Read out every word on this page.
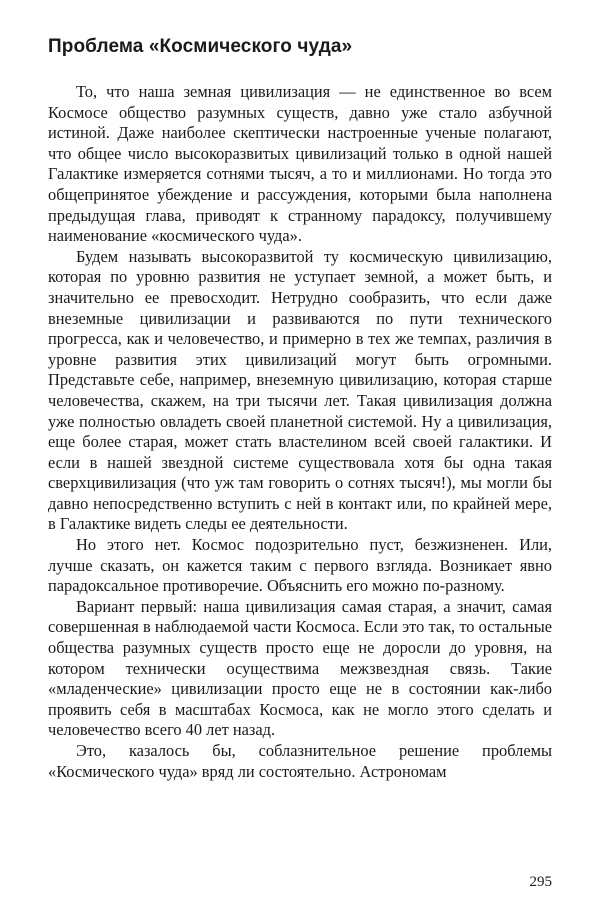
Проблема «Космического чуда»

То, что наша земная цивилизация — не единственное во всем Космосе общество разумных существ, давно уже стало азбучной истиной. Даже наиболее скептически настроенные ученые полагают, что общее число высокоразвитых цивилизаций только в одной нашей Галактике измеряется сотнями тысяч, а то и миллионами. Но тогда это общепринятое убеждение и рассуждения, которыми была наполнена предыдущая глава, приводят к странному парадоксу, получившему наименование «космического чуда».

Будем называть высокоразвитой ту космическую цивилизацию, которая по уровню развития не уступает земной, а может быть, и значительно ее превосходит. Нетрудно сообразить, что если даже внеземные цивилизации и развиваются по пути технического прогресса, как и человечество, и примерно в тех же темпах, различия в уровне развития этих цивилизаций могут быть огромными. Представьте себе, например, внеземную цивилизацию, которая старше человечества, скажем, на три тысячи лет. Такая цивилизация должна уже полностью овладеть своей планетной системой. Ну а цивилизация, еще более старая, может стать властелином всей своей галактики. И если в нашей звездной системе существовала хотя бы одна такая сверхцивилизация (что уж там говорить о сотнях тысяч!), мы могли бы давно непосредственно вступить с ней в контакт или, по крайней мере, в Галактике видеть следы ее деятельности.

Но этого нет. Космос подозрительно пуст, безжизненен. Или, лучше сказать, он кажется таким с первого взгляда. Возникает явно парадоксальное противоречие. Объяснить его можно по-разному.

Вариант первый: наша цивилизация самая старая, а значит, самая совершенная в наблюдаемой части Космоса. Если это так, то остальные общества разумных существ просто еще не доросли до уровня, на котором технически осуществима межзвездная связь. Такие «младенческие» цивилизации просто еще не в состоянии как-либо проявить себя в масштабах Космоса, как не могло этого сделать и человечество всего 40 лет назад.

Это, казалось бы, соблазнительное решение проблемы «Космического чуда» вряд ли состоятельно. Астрономам

295
